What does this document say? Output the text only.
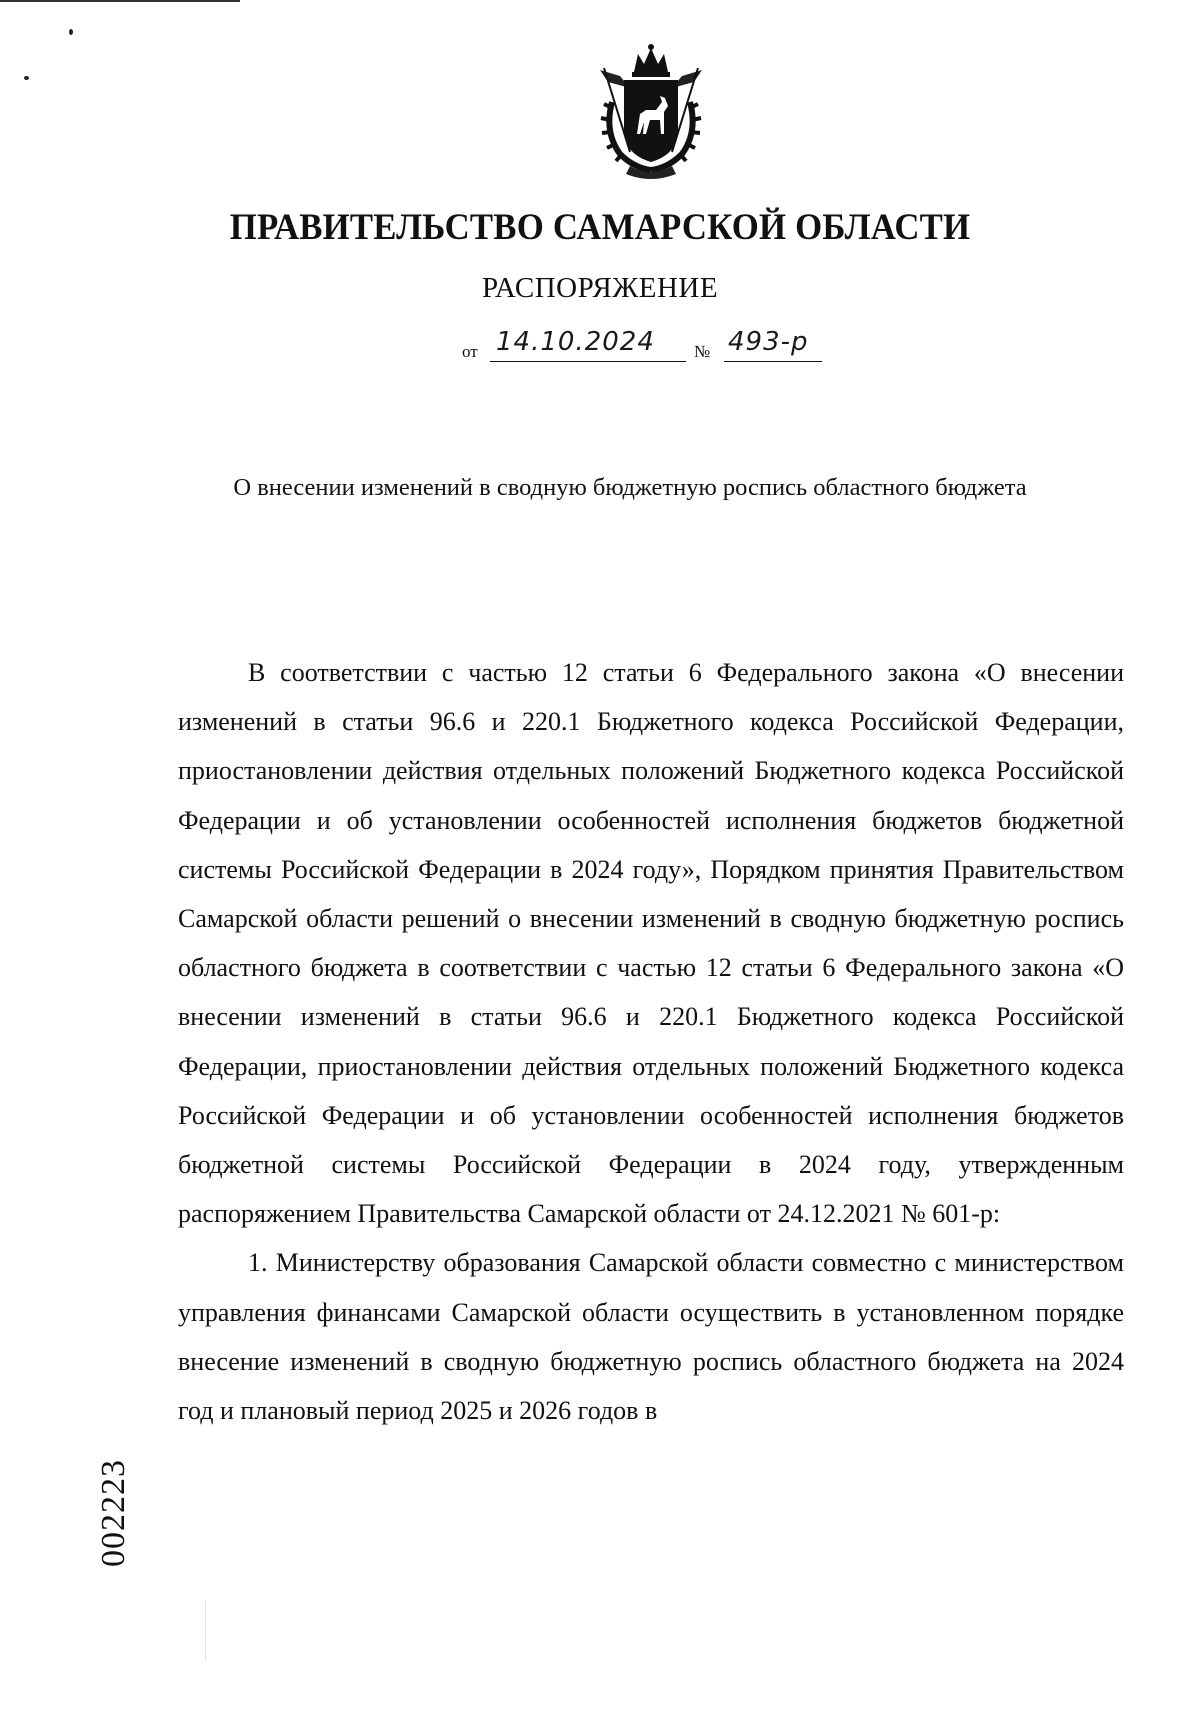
ПРАВИТЕЛЬСТВО САМАРСКОЙ ОБЛАСТИ
РАСПОРЯЖЕНИЕ
от 14.10.2024 № 493-р
О внесении изменений в сводную бюджетную роспись областного бюджета

В соответствии с частью 12 статьи 6 Федерального закона «О внесении изменений в статьи 96.6 и 220.1 Бюджетного кодекса Российской Федерации, приостановлении действия отдельных положений Бюджетного кодекса Российской Федерации и об установлении особенностей исполнения бюджетов бюджетной системы Российской Федерации в 2024 году», Порядком принятия Правительством Самарской области решений о внесении изменений в сводную бюджетную роспись областного бюджета в соответствии с частью 12 статьи 6 Федерального закона «О внесении изменений в статьи 96.6 и 220.1 Бюджетного кодекса Российской Федерации, приостановлении действия отдельных положений Бюджетного кодекса Российской Федерации и об установлении особенностей исполнения бюджетов бюджетной системы Российской Федерации в 2024 году, утвержденным распоряжением Правительства Самарской области от 24.12.2021 № 601-р:

1. Министерству образования Самарской области совместно с министерством управления финансами Самарской области осуществить в установленном порядке внесение изменений в сводную бюджетную роспись областного бюджета на 2024 год и плановый период 2025 и 2026 годов в

002223
